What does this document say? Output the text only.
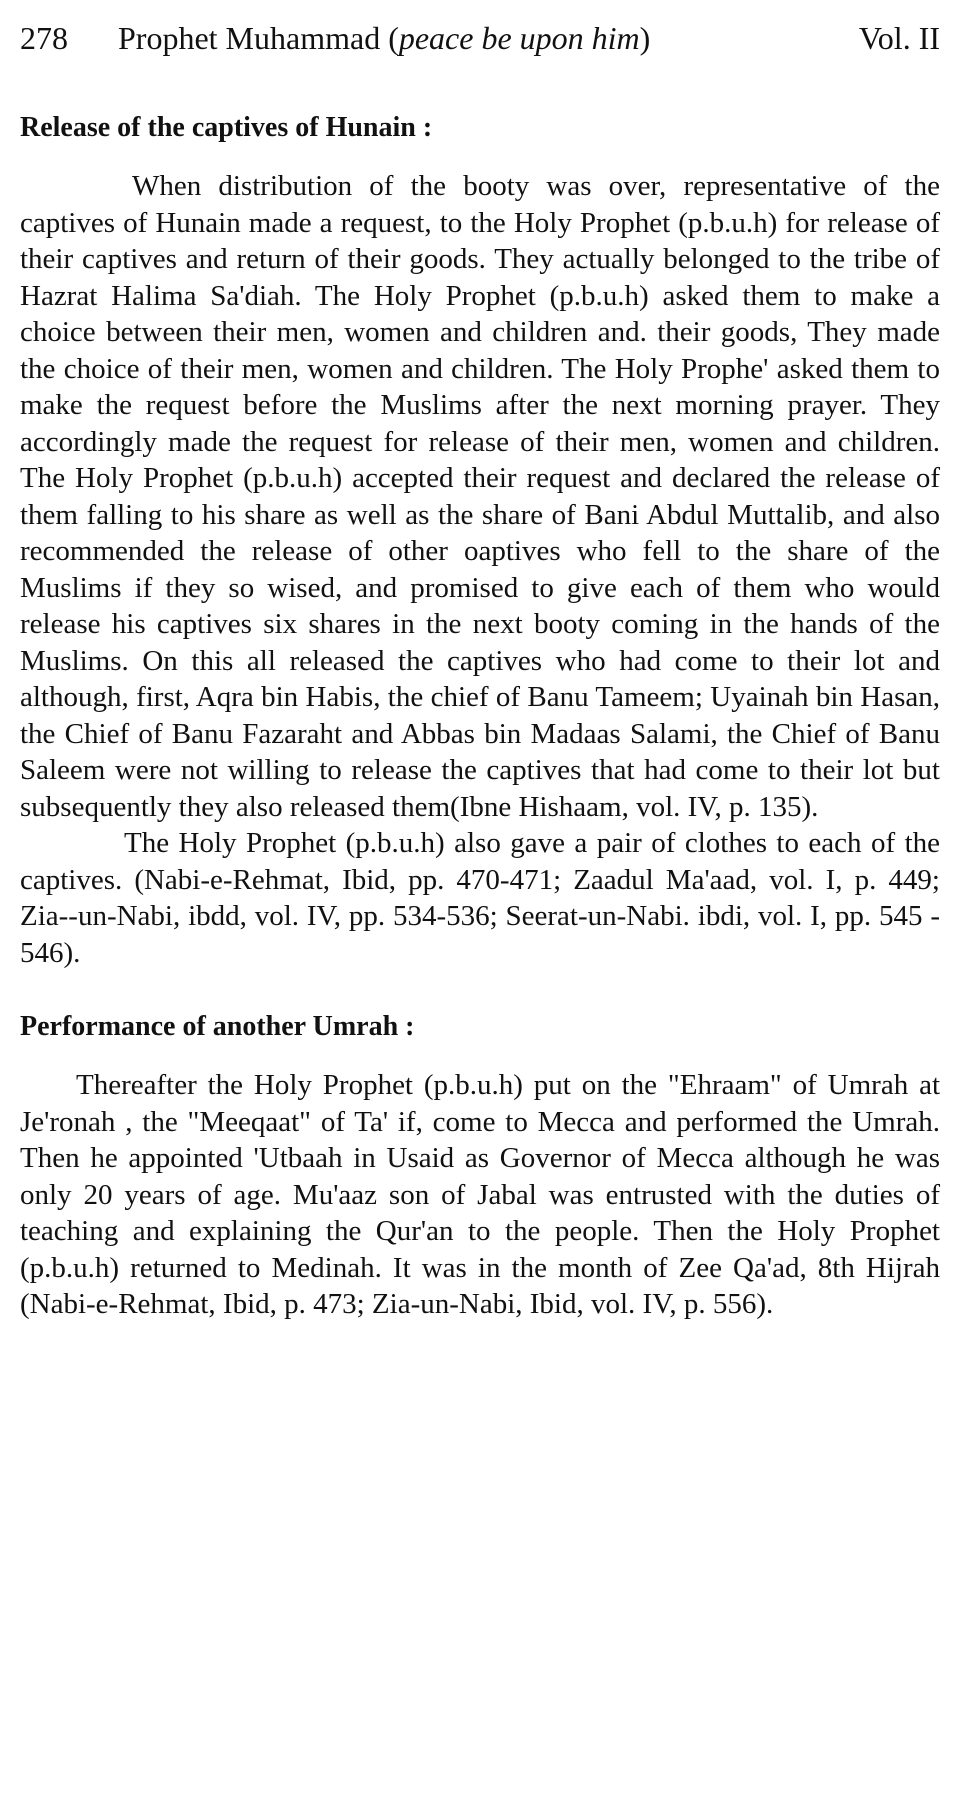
278	Prophet Muhammad (peace be upon him)	Vol. II
Release of the captives of Hunain :

When distribution of the booty was over, representative of the captives of Hunain made a request, to the Holy Prophet (p.b.u.h) for release of their captives and return of their goods. They actually belonged to the tribe of Hazrat Halima Sa'diah. The Holy Prophet (p.b.u.h) asked them to make a choice between their men, women and children and. their goods, They made the choice of their men, women and children. The Holy Prophe' asked them to make the request before the Muslims after the next morning prayer. They accordingly made the request for release of their men, women and children. The Holy Prophet (p.b.u.h) accepted their request and declared the release of them falling to his share as well as the share of Bani Abdul Muttalib, and also recommended the release of other oaptives who fell to the share of the Muslims if they so wised, and promised to give each of them who would release his captives six shares in the next booty coming in the hands of the Muslims. On this all released the captives who had come to their lot and although, first, Aqra bin Habis, the chief of Banu Tameem; Uyainah bin Hasan, the Chief of Banu Fazaraht and Abbas bin Madaas Salami, the Chief of Banu Saleem were not willing to release the captives that had come to their lot but subsequently they also released them(Ibne Hishaam, vol. IV, p. 135).

The Holy Prophet (p.b.u.h) also gave a pair of clothes to each of the captives. (Nabi-e-Rehmat, Ibid, pp. 470-471; Zaadul Ma'aad, vol. I, p. 449; Zia--un-Nabi, ibdd, vol. IV, pp. 534-536; Seerat-un-Nabi. ibdi, vol. I, pp. 545 - 546).

Performance of another Umrah :

Thereafter the Holy Prophet (p.b.u.h) put on the "Ehraam" of Umrah at Je'ronah , the "Meeqaat" of Ta' if, come to Mecca and performed the Umrah. Then he appointed 'Utbaah in Usaid as Governor of Mecca although he was only 20 years of age. Mu'aaz son of Jabal was entrusted with the duties of teaching and explaining the Qur'an to the people. Then the Holy Prophet (p.b.u.h) returned to Medinah. It was in the month of Zee Qa'ad, 8th Hijrah (Nabi-e-Rehmat, Ibid, p. 473; Zia-un-Nabi, Ibid, vol. IV, p. 556).
